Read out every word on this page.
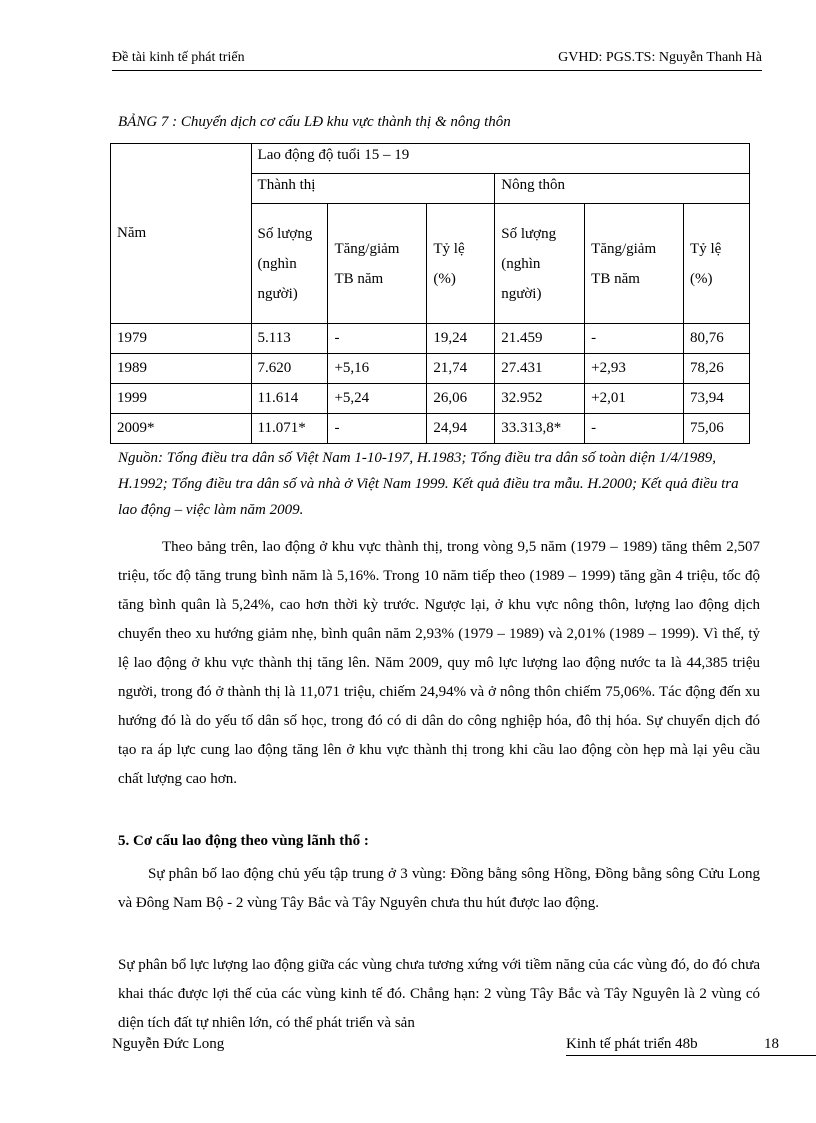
Đề tài kinh tế phát triển	GVHD: PGS.TS: Nguyễn Thanh Hà
BẢNG 7 : Chuyển dịch cơ cấu LĐ khu vực thành thị & nông thôn
Năm	Lao động độ tuổi 15 – 19					
	Thành thị			Nông thôn		
	Số lượng (nghìn người)	Tăng/giảm TB năm	Tỷ lệ (%)	Số lượng (nghìn người)	Tăng/giảm TB năm	Tỷ lệ (%)
1979	5.113	-	19,24	21.459	-	80,76
1989	7.620	+5,16	21,74	27.431	+2,93	78,26
1999	11.614	+5,24	26,06	32.952	+2,01	73,94
2009*	11.071*	-	24,94	33.313,8*	-	75,06
Nguồn: Tổng điều tra dân số Việt Nam 1-10-197, H.1983; Tổng điều tra dân số toàn diện 1/4/1989, H.1992; Tổng điều tra dân số và nhà ở Việt Nam 1999. Kết quả điều tra mẫu. H.2000; Kết quả điều tra lao động – việc làm năm 2009.
Theo bảng trên, lao động ở khu vực thành thị, trong vòng 9,5 năm (1979 – 1989) tăng thêm 2,507 triệu, tốc độ tăng trung bình năm là 5,16%. Trong 10 năm tiếp theo (1989 – 1999) tăng gần 4 triệu, tốc độ tăng bình quân là 5,24%, cao hơn thời kỳ trước. Ngược lại, ở khu vực nông thôn, lượng lao động dịch chuyển theo xu hướng giảm nhẹ, bình quân năm 2,93% (1979 – 1989) và 2,01% (1989 – 1999). Vì thế, tỷ lệ lao động ở khu vực thành thị tăng lên. Năm 2009, quy mô lực lượng lao động nước ta là 44,385 triệu người, trong đó ở thành thị là 11,071 triệu, chiếm 24,94% và ở nông thôn chiếm 75,06%. Tác động đến xu hướng đó là do yếu tố dân số học, trong đó có di dân do công nghiệp hóa, đô thị hóa. Sự chuyển dịch đó tạo ra áp lực cung lao động tăng lên ở khu vực thành thị trong khi cầu lao động còn hẹp mà lại yêu cầu chất lượng cao hơn.
5. Cơ cấu lao động theo vùng lãnh thổ :
Sự phân bố lao động chủ yếu tập trung ở 3 vùng: Đồng bằng sông Hồng, Đồng bằng sông Cửu Long và Đông Nam Bộ - 2 vùng Tây Bắc và Tây Nguyên chưa thu hút được lao động.
Sự phân bổ lực lượng lao động giữa các vùng chưa tương xứng với tiềm năng của các vùng đó, do đó chưa khai thác được lợi thế của các vùng kinh tế đó. Chẳng hạn: 2 vùng Tây Bắc và Tây Nguyên là 2 vùng có diện tích đất tự nhiên lớn, có thể phát triển và sản
Nguyễn Đức Long	Kinh tế phát triển 48b	18
